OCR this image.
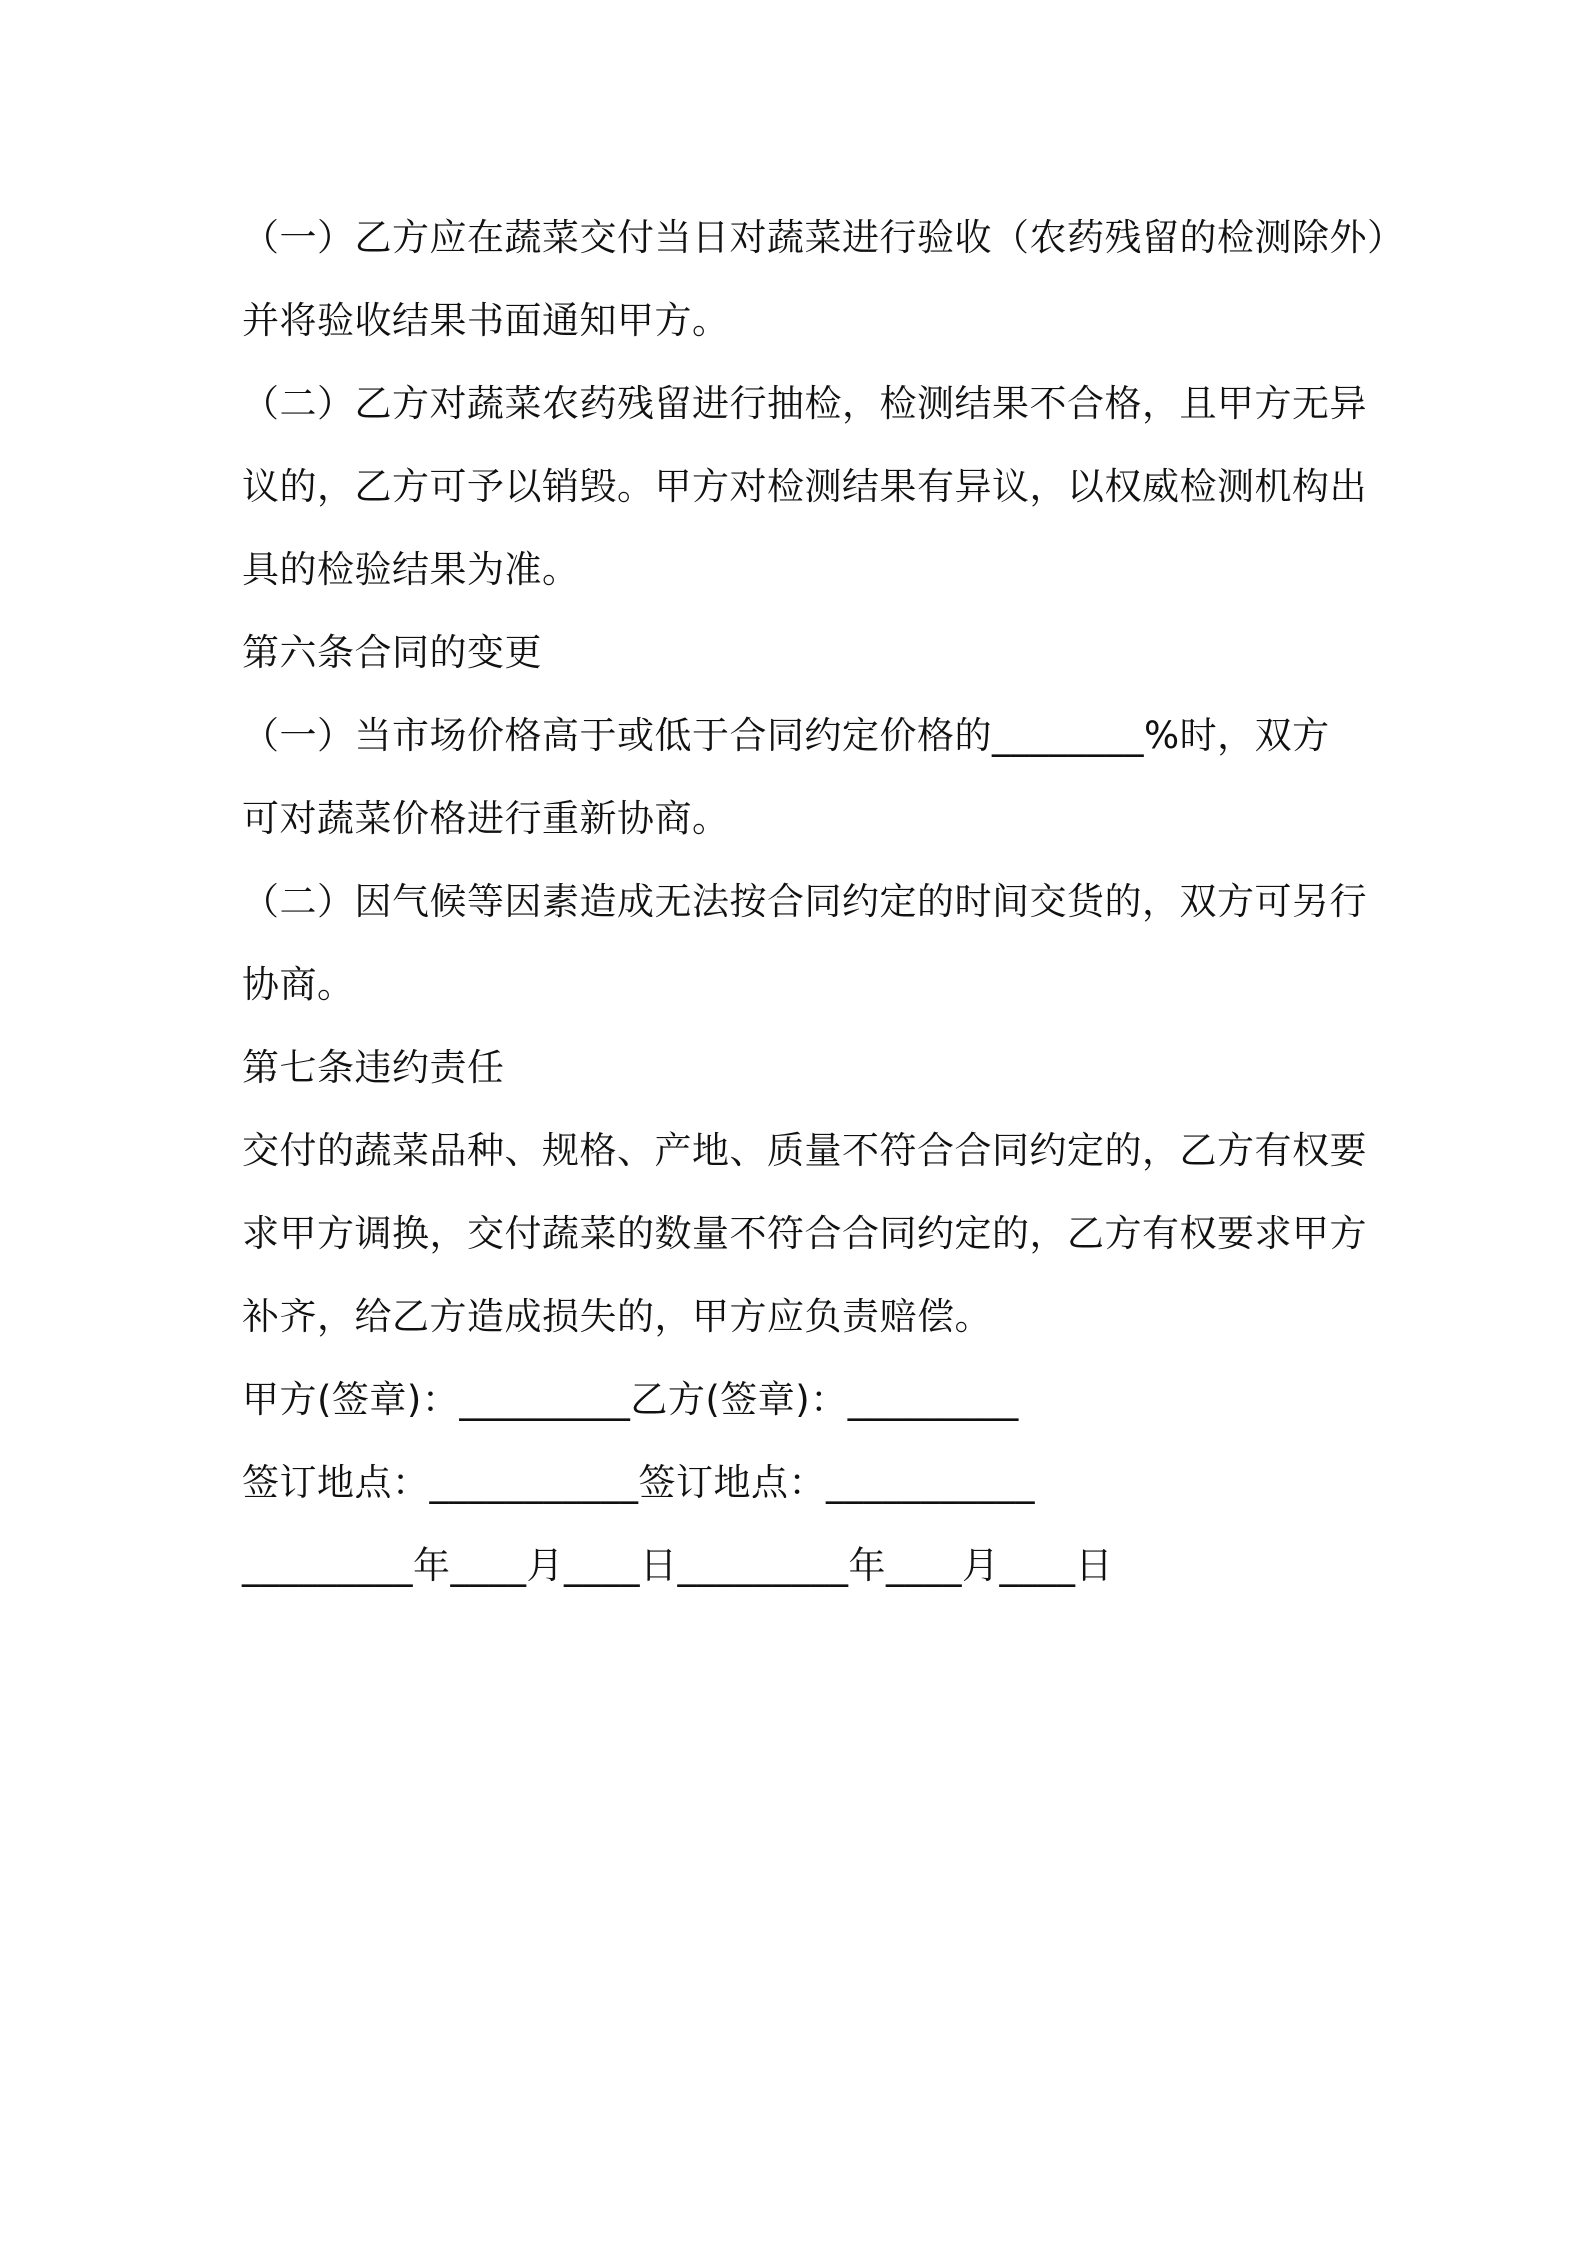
（一）乙方应在蔬菜交付当日对蔬菜进行验收（农药残留的检测除外）
并将验收结果书面通知甲方。
（二）乙方对蔬菜农药残留进行抽检，检测结果不合格，且甲方无异
议的，乙方可予以销毁。甲方对检测结果有异议，以权威检测机构出
具的检验结果为准。
第六条合同的变更
（一）当市场价格高于或低于合同约定价格的________%时，双方
可对蔬菜价格进行重新协商。
（二）因气候等因素造成无法按合同约定的时间交货的，双方可另行
协商。
第七条违约责任
交付的蔬菜品种、规格、产地、质量不符合合同约定的，乙方有权要
求甲方调换，交付蔬菜的数量不符合合同约定的，乙方有权要求甲方
补齐，给乙方造成损失的，甲方应负责赔偿。
甲方(签章)：_________乙方(签章)：_________
签订地点：___________签订地点：___________
_________年____月____日_________年____月____日
